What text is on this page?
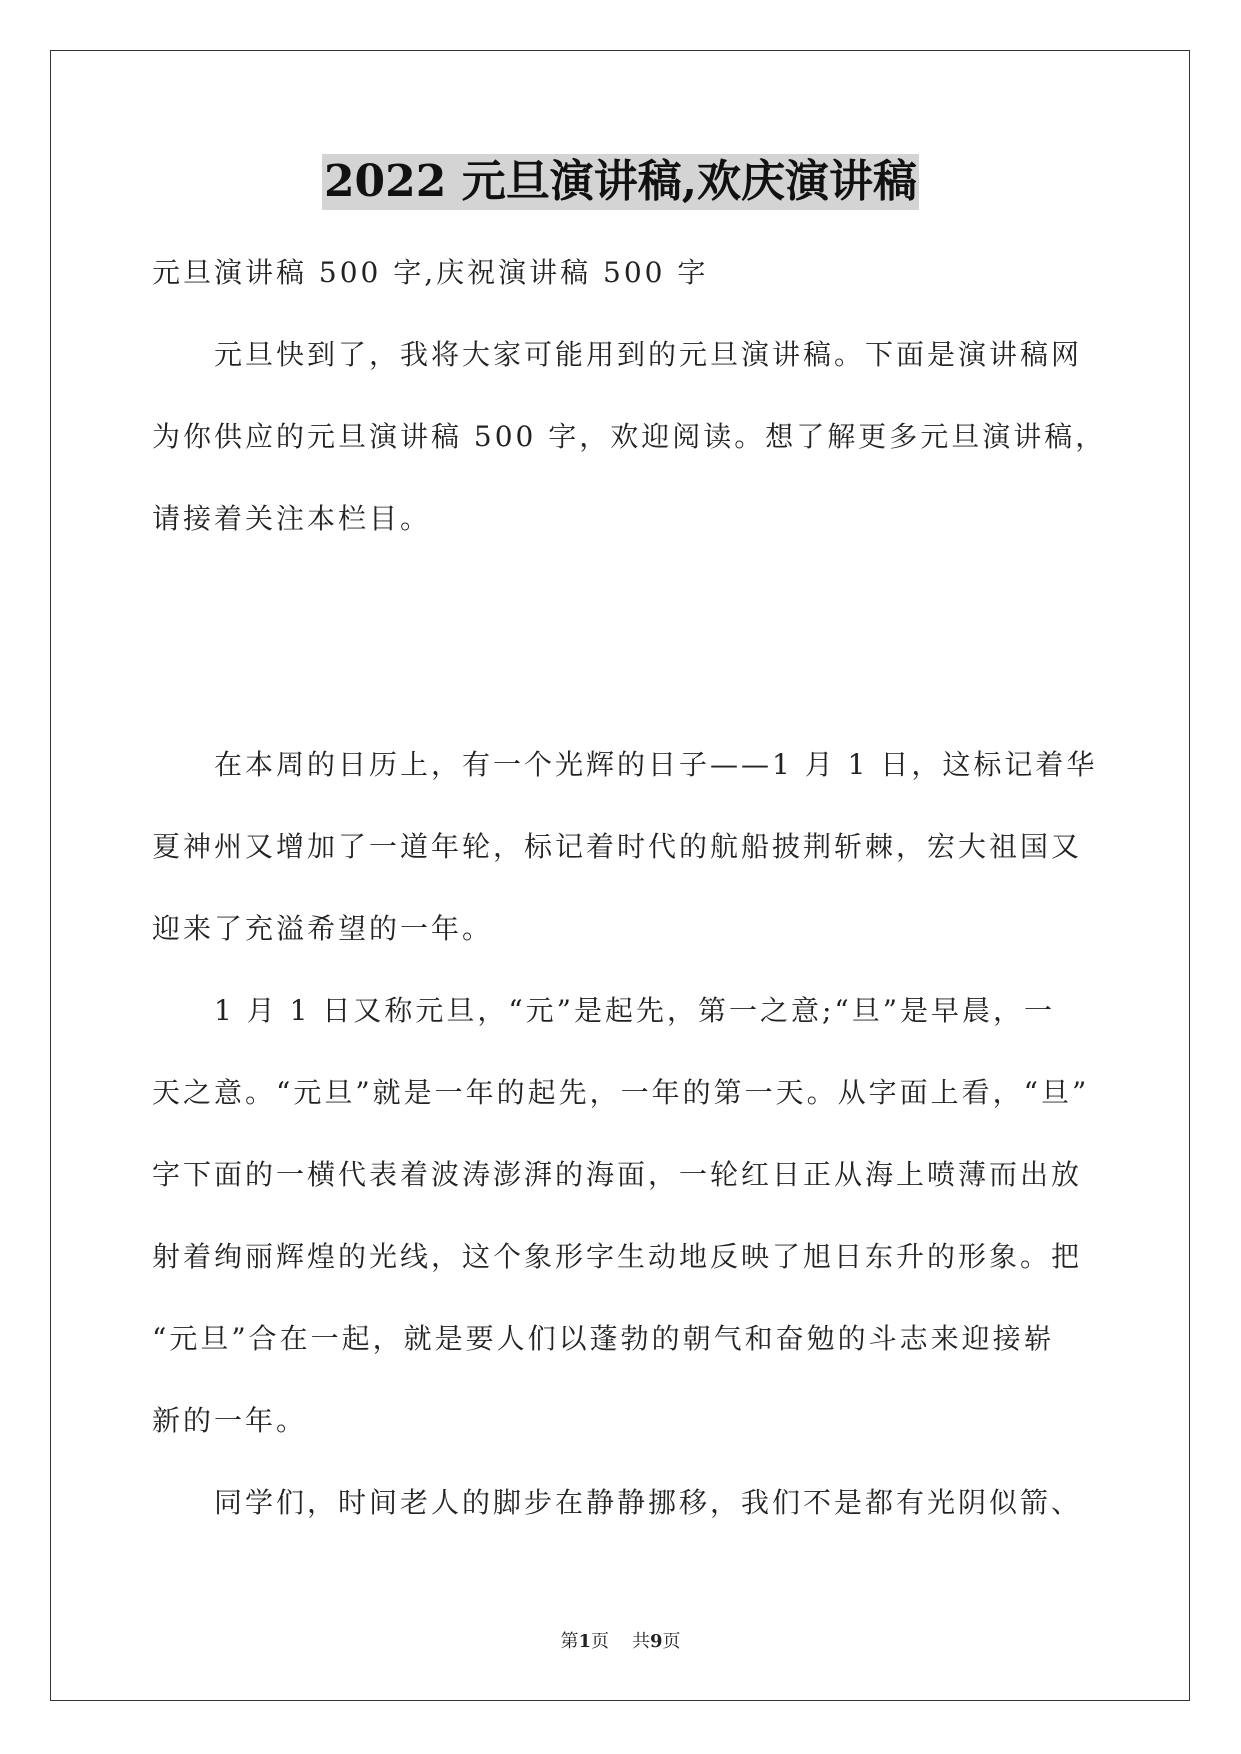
2022 元旦演讲稿,欢庆演讲稿
元旦演讲稿 500 字,庆祝演讲稿 500 字
元旦快到了，我将大家可能用到的元旦演讲稿。下面是演讲稿网
为你供应的元旦演讲稿 500 字，欢迎阅读。想了解更多元旦演讲稿，
请接着关注本栏目。
在本周的日历上，有一个光辉的日子——1 月 1 日，这标记着华
夏神州又增加了一道年轮，标记着时代的航船披荆斩棘，宏大祖国又
迎来了充溢希望的一年。
1 月 1 日又称元旦，“元”是起先，第一之意;“旦”是早晨，一
天之意。“元旦”就是一年的起先，一年的第一天。从字面上看，“旦”
字下面的一横代表着波涛澎湃的海面，一轮红日正从海上喷薄而出放
射着绚丽辉煌的光线，这个象形字生动地反映了旭日东升的形象。把
“元旦”合在一起，就是要人们以蓬勃的朝气和奋勉的斗志来迎接崭
新的一年。
同学们，时间老人的脚步在静静挪移，我们不是都有光阴似箭、
第1页 共9页
